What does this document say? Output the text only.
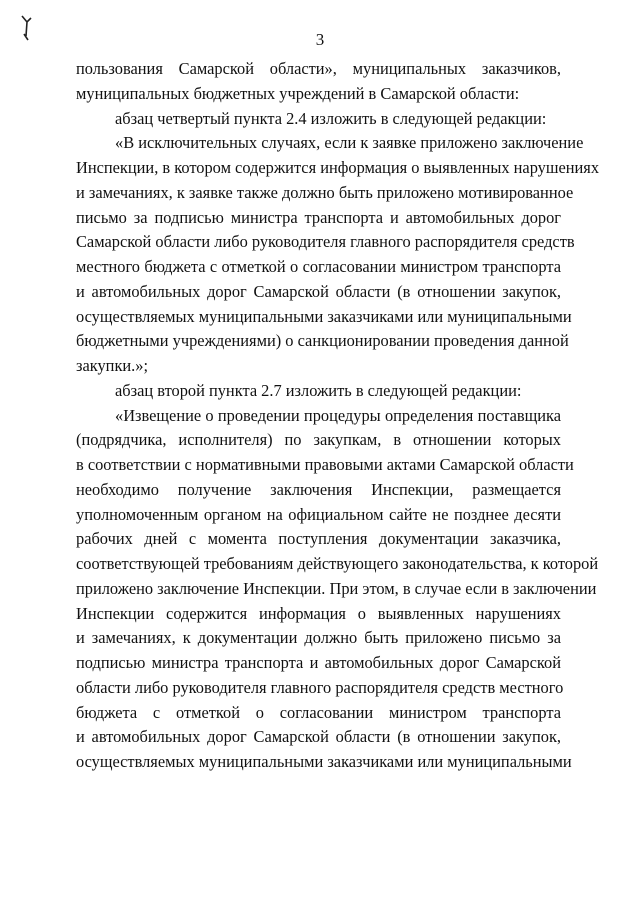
3

пользования Самарской области», муниципальных заказчиков,
муниципальных бюджетных учреждений в Самарской области:

абзац четвертый пункта 2.4 изложить в следующей редакции:

«В исключительных случаях, если к заявке приложено заключение
Инспекции, в котором содержится информация о выявленных нарушениях
и замечаниях, к заявке также должно быть приложено мотивированное
письмо за подписью министра транспорта и автомобильных дорог
Самарской области либо руководителя главного распорядителя средств
местного бюджета с отметкой о согласовании министром транспорта
и автомобильных дорог Самарской области (в отношении закупок,
осуществляемых муниципальными заказчиками или муниципальными
бюджетными учреждениями) о санкционировании проведения данной
закупки.»;

абзац второй пункта 2.7 изложить в следующей редакции:

«Извещение о проведении процедуры определения поставщика
(подрядчика, исполнителя) по закупкам, в отношении которых
в соответствии с нормативными правовыми актами Самарской области
необходимо получение заключения Инспекции, размещается
уполномоченным органом на официальном сайте не позднее десяти
рабочих дней с момента поступления документации заказчика,
соответствующей требованиям действующего законодательства, к которой
приложено заключение Инспекции. При этом, в случае если в заключении
Инспекции содержится информация о выявленных нарушениях
и замечаниях, к документации должно быть приложено письмо за
подписью министра транспорта и автомобильных дорог Самарской
области либо руководителя главного распорядителя средств местного
бюджета с отметкой о согласовании министром транспорта
и автомобильных дорог Самарской области (в отношении закупок,
осуществляемых муниципальными заказчиками или муниципальными
